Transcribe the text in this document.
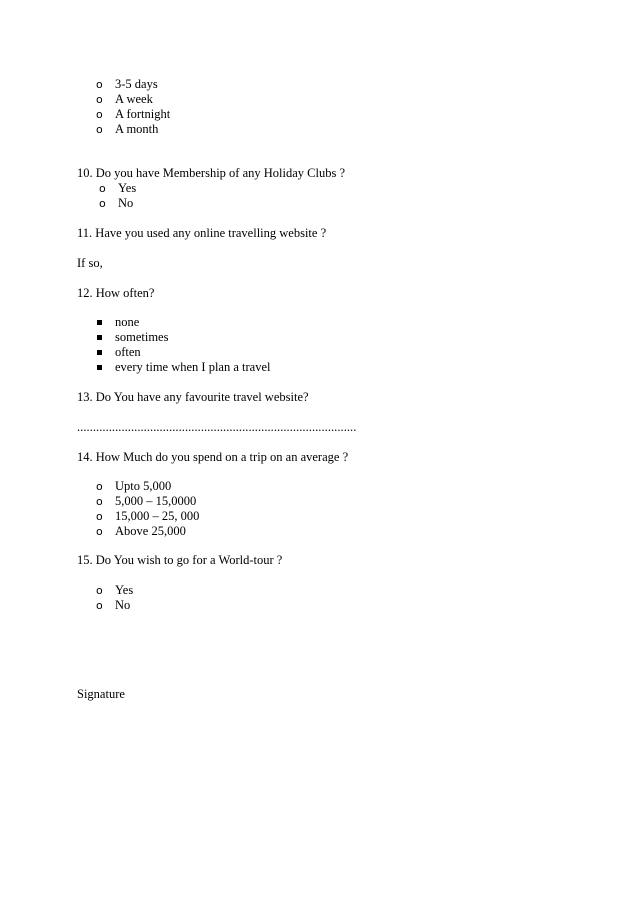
o 3-5 days
o A week
o A fortnight
o A month
10. Do you have Membership of any Holiday Clubs ?
o Yes
o No
11. Have you used any online travelling website ?
If so,
12. How often?
none
sometimes
often
every time when I plan a travel
13. Do You have any favourite travel website?
........................................................................................
14. How Much do you spend on a trip on an average ?
o Upto 5,000
o 5,000 – 15,0000
o 15,000 – 25, 000
o Above 25,000
15. Do You wish to go for a World-tour ?
o Yes
o No
Signature
